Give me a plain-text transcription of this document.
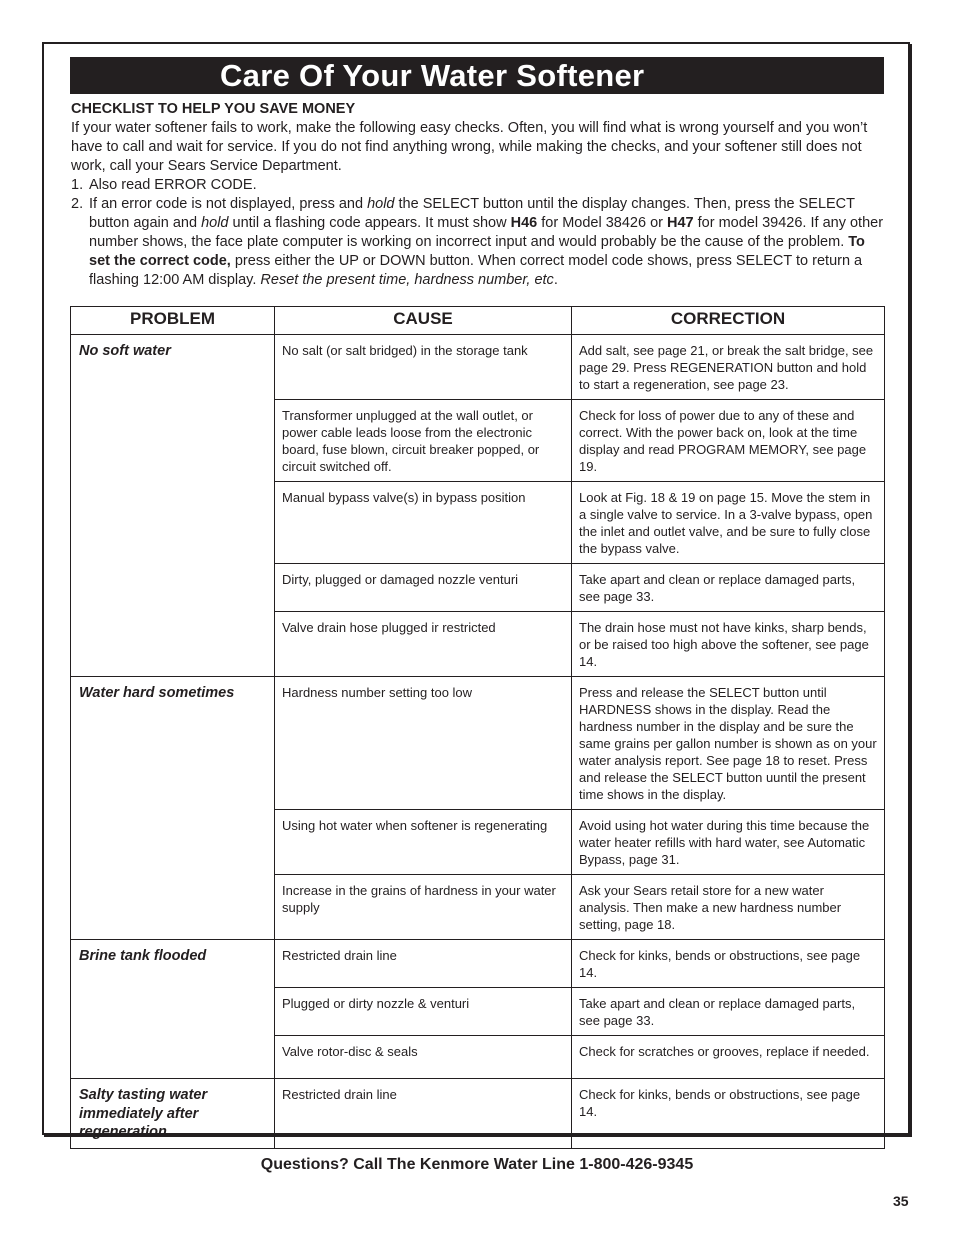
Care Of Your Water Softener
CHECKLIST TO HELP YOU SAVE MONEY

If your water softener fails to work, make the following easy checks. Often, you will find what is wrong yourself and you won’t have to call and wait for service. If you do not find anything wrong, while making the checks, and your softener still does not work, call your Sears Service Department.

1. Also read ERROR CODE.
2. If an error code is not displayed, press and hold the SELECT button until the display changes. Then, press the SELECT button again and hold until a flashing code appears. It must show H46 for Model 38426 or H47 for model 39426. If any other number shows, the face plate computer is working on incorrect input and would probably be the cause of the problem. To set the correct code, press either the UP or DOWN button. When correct model code shows, press SELECT to return a flashing 12:00 AM display. Reset the present time, hardness number, etc.
PROBLEM	CAUSE	CORRECTION
No soft water	No salt (or salt bridged) in the storage tank	Add salt, see page 21, or break the salt bridge, see page 29. Press REGENERATION button and hold to start a regeneration, see page 23.
	Transformer unplugged at the wall outlet, or power cable leads loose from the electronic board, fuse blown, circuit breaker popped, or circuit switched off.	Check for loss of power due to any of these and correct. With the power back on, look at the time display and read PROGRAM MEMORY, see page 19.
	Manual bypass valve(s) in bypass position	Look at Fig. 18 & 19 on page 15. Move the stem in a single valve to service. In a 3-valve bypass, open the inlet and outlet valve, and be sure to fully close the bypass valve.
	Dirty, plugged or damaged nozzle venturi	Take apart and clean or replace damaged parts, see page 33.
	Valve drain hose plugged ir restricted	The drain hose must not have kinks, sharp bends, or be raised too high above the softener, see page 14.
Water hard sometimes	Hardness number setting too low	Press and release the SELECT button until HARDNESS shows in the display. Read the hardness number in the display and be sure the same grains per gallon number is shown as on your water analysis report. See page 18 to reset. Press and release the SELECT button uuntil the present time shows in the display.
	Using hot water when softener is regenerating	Avoid using hot water during this time because the water heater refills with hard water, see Automatic Bypass, page 31.
	Increase in the grains of hardness in your water supply	Ask your Sears retail store for a new water analysis. Then make a new hardness number setting, page 18.
Brine tank flooded	Restricted drain line	Check for kinks, bends or obstructions, see page 14.
	Plugged or dirty nozzle & venturi	Take apart and clean or replace damaged parts, see page 33.
	Valve rotor-disc & seals	Check for scratches or grooves, replace if needed.
Salty tasting water immediately after regeneration	Restricted drain line	Check for kinks, bends or obstructions, see page 14.
Questions? Call The Kenmore Water Line 1-800-426-9345
35
